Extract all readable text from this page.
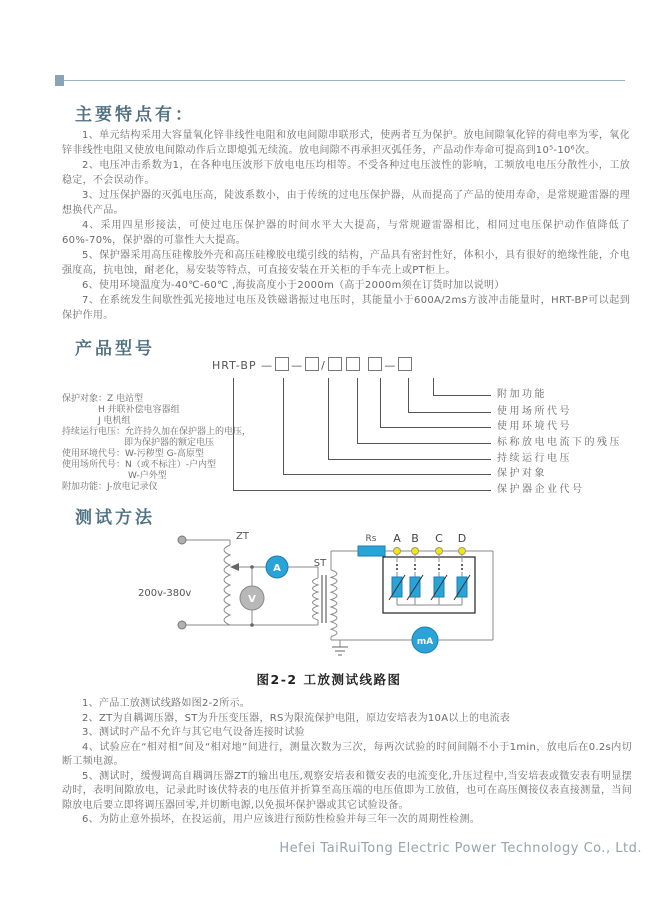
主要特点有：

1、单元结构采用大容量氧化锌非线性电阻和放电间隙串联形式，使两者互为保护。放电间隙氧化锌的荷电率为零，氧化锌非线性电阻又使放电间隙动作后立即熄弧无续流。放电间隙不再承担灭弧任务，产品动作寿命可提高到10⁵-10⁶次。

2、电压冲击系数为1，在各种电压波形下放电电压均相等。不受各种过电压波性的影响，工频放电电压分散性小，工放稳定，不会误动作。

3、过压保护器的灭弧电压高，陡波系数小，由于传统的过电压保护器，从而提高了产品的使用寿命，是常规避雷器的理想换代产品。

4、采用四星形接法，可使过电压保护器的时间水平大大提高，与常规避雷器相比，相同过电压保护动作值降低了60%-70%，保护器的可靠性大大提高。

5、保护器采用高压硅橡胶外壳和高压硅橡胶电缆引线的结构，产品具有密封性好，体积小，具有很好的绝缘性能，介电强度高，抗电蚀，耐老化，易安装等特点，可直接安装在开关柜的手车壳上或PT柜上。

6、使用环境温度为-40℃-60℃ ,海拔高度小于2000m（高于2000m须在订货时加以说明）

7、在系统发生间歇性弧光接地过电压及铁磁谐振过电压时，其能量小于600A/2ms方波冲击能量时，HRT-BP可以起到保护作用。

产品型号
HRT-BP — — /	—
附加功能
使用场所代号
使用环境代号
标称放电电流下的残压
持续运行电压
保护对象
保护器企业代号
保护对象：Z 电站型
H 并联补偿电容器组
J 电机组
持续运行电压：允许持久加在保护器上的电压，
即为保护器的额定电压
使用环境代号：W-污秽型 G-高原型
使用场所代号：N（或不标注）-户内型
W-户外型
附加功能：J-放电记录仪
测试方法
ZT
200v-380v
A
V
ST
Rs A B C D
mA
图2-2 工放测试线路图

1、产品工放测试线路如图2-2所示。

2、ZT为自耦调压器，ST为升压变压器，RS为限流保护电阻，原边安培表为10A以上的电流表

3、测试时产品不允许与其它电气设备连接时试验

4、试验应在“相对相”间及“相对地”间进行，测量次数为三次，每两次试验的时间间隔不小于1min，放电后在0.2s内切断工频电源。

5、测试时，缓慢调高自耦调压器ZT的输出电压,观察安培表和微安表的电流变化,升压过程中,当安培表或微安表有明显摆动时，表明间隙放电，记录此时该伏特表的电压值并折算至高压端的电压值即为工放值，也可在高压侧接仪表直接测量，当间隙放电后要立即将调压器回零,并切断电源,以免损坏保护器或其它试验设备。

6、为防止意外损坏，在投运前，用户应该进行预防性检验并每三年一次的周期性检测。

Hefei TaiRuiTong Electric Power Technology Co., Ltd.
